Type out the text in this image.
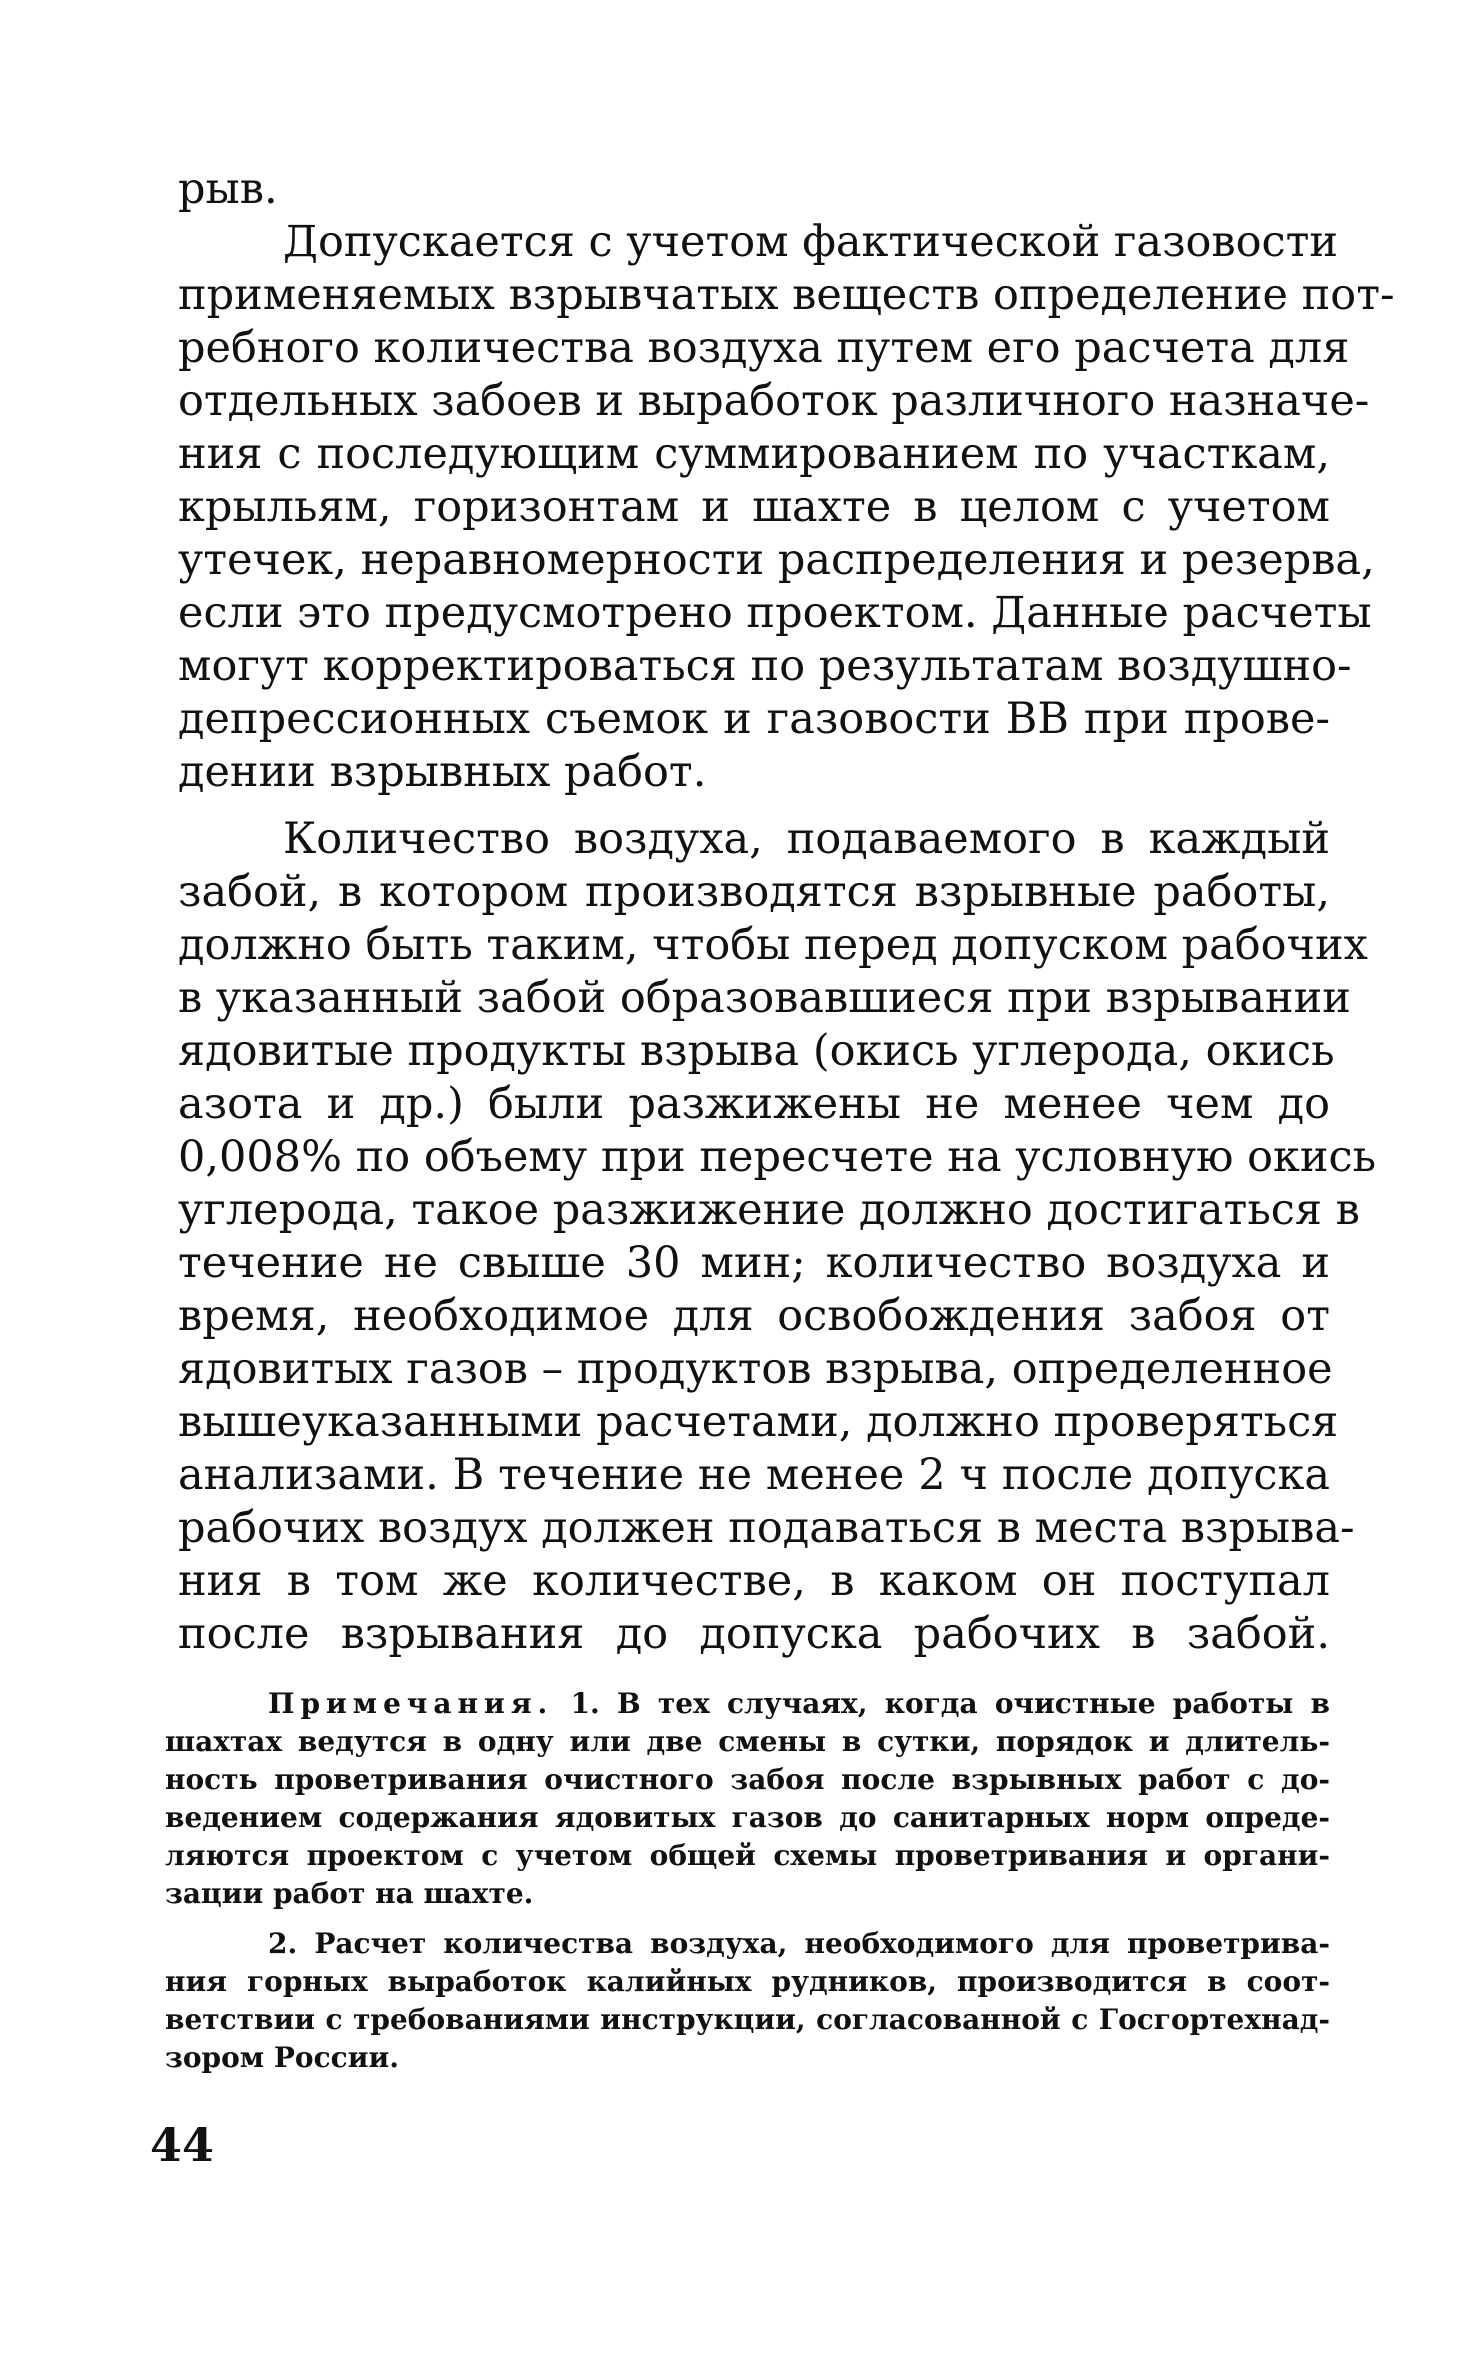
рыв.
Допускается с учетом фактической газовости
применяемых взрывчатых веществ определение пот-
ребного количества воздуха путем его расчета для
отдельных забоев и выработок различного назначе-
ния с последующим суммированием по участкам,
крыльям, горизонтам и шахте в целом с учетом
утечек, неравномерности распределения и резерва,
если это предусмотрено проектом. Данные расчеты
могут корректироваться по результатам воздушно-
депрессионных съемок и газовости ВВ при прове-
дении взрывных работ.
Количество воздуха, подаваемого в каждый
забой, в котором производятся взрывные работы,
должно быть таким, чтобы перед допуском рабочих
в указанный забой образовавшиеся при взрывании
ядовитые продукты взрыва (окись углерода, окись
азота и др.) были разжижены не менее чем до
0,008% по объему при пересчете на условную окись
углерода, такое разжижение должно достигаться в
течение не свыше 30 мин; количество воздуха и
время, необходимое для освобождения забоя от
ядовитых газов – продуктов взрыва, определенное
вышеуказанными расчетами, должно проверяться
анализами. В течение не менее 2 ч после допуска
рабочих воздух должен подаваться в места взрыва-
ния в том же количестве, в каком он поступал
после взрывания до допуска рабочих в забой.
Примечания. 1. В тех случаях, когда очистные работы в
шахтах ведутся в одну или две смены в сутки, порядок и длитель-
ность проветривания очистного забоя после взрывных работ с до-
ведением содержания ядовитых газов до санитарных норм опреде-
ляются проектом с учетом общей схемы проветривания и органи-
зации работ на шахте.
2. Расчет количества воздуха, необходимого для проветрива-
ния горных выработок калийных рудников, производится в соот-
ветствии с требованиями инструкции, согласованной с Госгортехнад-
зором России.
44
